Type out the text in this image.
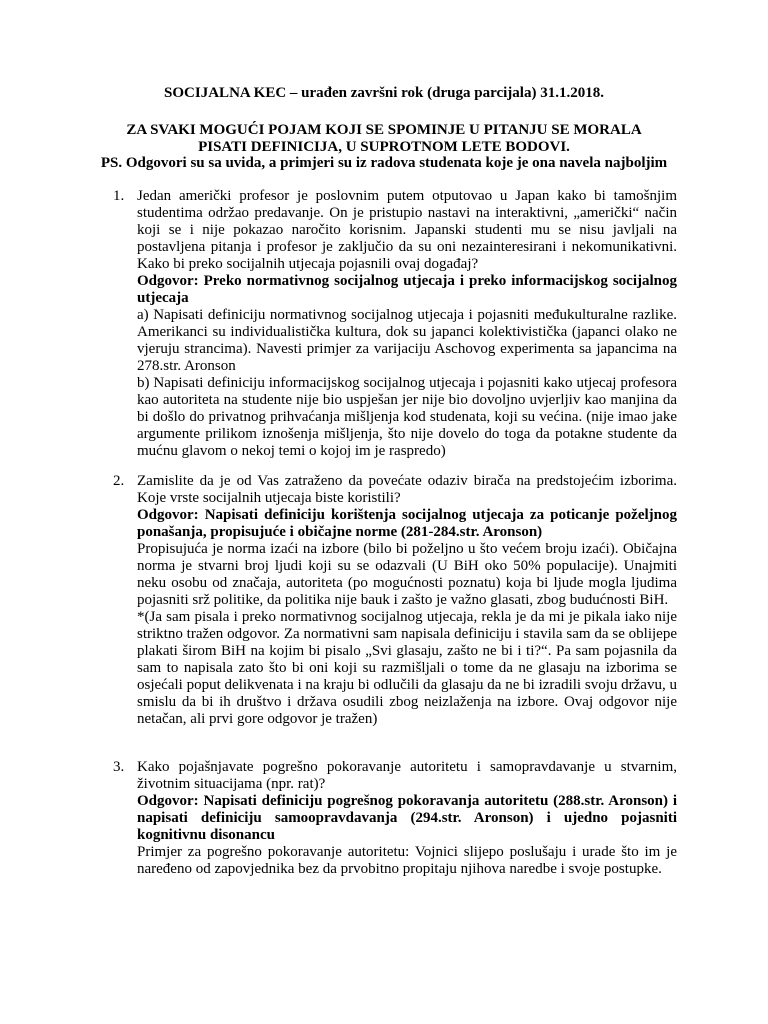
SOCIJALNA KEC – urađen završni rok (druga parcijala) 31.1.2018.
ZA SVAKI MOGUĆI POJAM KOJI SE SPOMINJE U PITANJU SE MORALA
PISATI DEFINICIJA, U SUPROTNOM LETE BODOVI.
PS. Odgovori su sa uvida, a primjeri su iz radova studenata koje je ona navela najboljim
1. Jedan američki profesor je poslovnim putem otputovao u Japan kako bi tamošnjim studentima održao predavanje. On je pristupio nastavi na interaktivni, „američki“ način koji se i nije pokazao naročito korisnim. Japanski studenti mu se nisu javljali na postavljena pitanja i profesor je zaključio da su oni nezainteresirani i nekomunikativni. Kako bi preko socijalnih utjecaja pojasnili ovaj događaj?

Odgovor: Preko normativnog socijalnog utjecaja i preko informacijskog socijalnog utjecaja

a) Napisati definiciju normativnog socijalnog utjecaja i pojasniti međukulturalne razlike. Amerikanci su individualistička kultura, dok su japanci kolektivistička (japanci olako ne vjeruju strancima). Navesti primjer za varijaciju Aschovog experimenta sa japancima na 278.str. Aronson

b) Napisati definiciju informacijskog socijalnog utjecaja i pojasniti kako utjecaj profesora kao autoriteta na studente nije bio uspješan jer nije bio dovoljno uvjerljiv kao manjina da bi došlo do privatnog prihvaćanja mišljenja kod studenata, koji su većina. (nije imao jake argumente prilikom iznošenja mišljenja, što nije dovelo do toga da potakne studente da mućnu glavom o nekoj temi o kojoj im je raspredo)

2. Zamislite da je od Vas zatraženo da povećate odaziv birača na predstojećim izborima. Koje vrste socijalnih utjecaja biste koristili?

Odgovor: Napisati definiciju korištenja socijalnog utjecaja za poticanje poželjnog ponašanja, propisujuće i običajne norme (281-284.str. Aronson)

Propisujuća je norma izaći na izbore (bilo bi poželjno u što većem broju izaći). Običajna norma je stvarni broj ljudi koji su se odazvali (U BiH oko 50% populacije). Unajmiti neku osobu od značaja, autoriteta (po mogućnosti poznatu) koja bi ljude mogla ljudima pojasniti srž politike, da politika nije bauk i zašto je važno glasati, zbog budućnosti BiH.

*(Ja sam pisala i preko normativnog socijalnog utjecaja, rekla je da mi je pikala iako nije striktno tražen odgovor. Za normativni sam napisala definiciju i stavila sam da se oblijepe plakati širom BiH na kojim bi pisalo „Svi glasaju, zašto ne bi i ti?“. Pa sam pojasnila da sam to napisala zato što bi oni koji su razmišljali o tome da ne glasaju na izborima se osjećali poput delikvenata i na kraju bi odlučili da glasaju da ne bi izradili svoju državu, u smislu da bi ih društvo i država osudili zbog neizlaženja na izbore. Ovaj odgovor nije netačan, ali prvi gore odgovor je tražen)

3. Kako pojašnjavate pogrešno pokoravanje autoritetu i samopravdavanje u stvarnim, životnim situacijama (npr. rat)?

Odgovor: Napisati definiciju pogrešnog pokoravanja autoritetu (288.str. Aronson) i napisati definiciju samoopravdavanja (294.str. Aronson) i ujedno pojasniti kognitivnu disonancu

Primjer za pogrešno pokoravanje autoritetu: Vojnici slijepo poslušaju i urade što im je naređeno od zapovjednika bez da prvobitno propitaju njihova naredbe i svoje postupke.
